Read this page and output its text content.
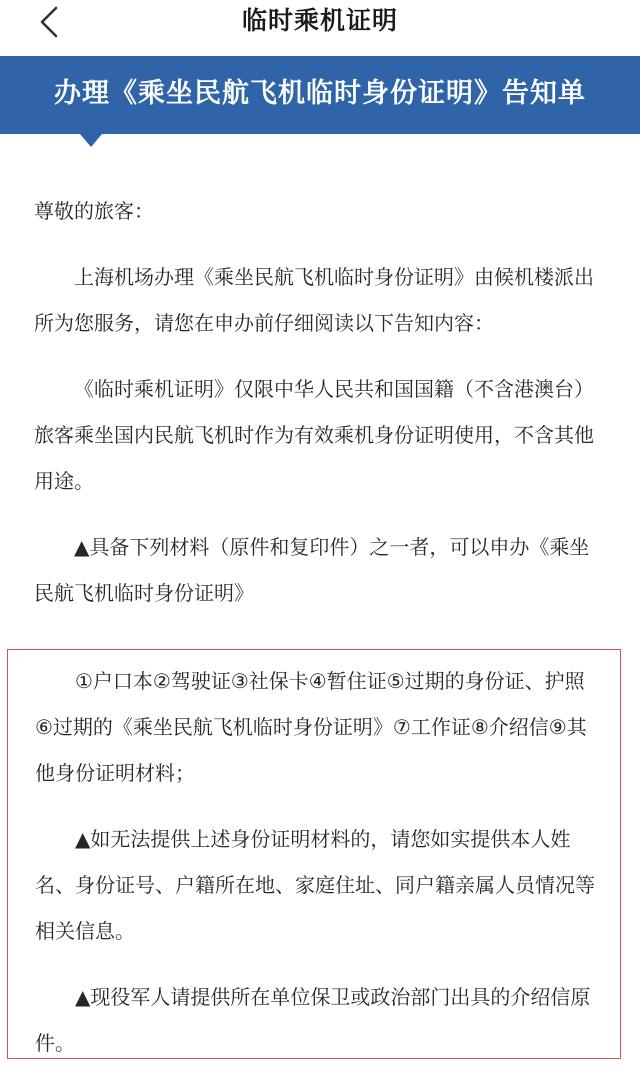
临时乘机证明
办理《乘坐民航飞机临时身份证明》告知单

尊敬的旅客：

上海机场办理《乘坐民航飞机临时身份证明》由候机楼派出所为您服务，请您在申办前仔细阅读以下告知内容：

《临时乘机证明》仅限中华人民共和国国籍（不含港澳台）旅客乘坐国内民航飞机时作为有效乘机身份证明使用，不含其他用途。

▲具备下列材料（原件和复印件）之一者，可以申办《乘坐民航飞机临时身份证明》

①户口本②驾驶证③社保卡④暂住证⑤过期的身份证、护照⑥过期的《乘坐民航飞机临时身份证明》⑦工作证⑧介绍信⑨其他身份证明材料；

▲如无法提供上述身份证明材料的，请您如实提供本人姓名、身份证号、户籍所在地、家庭住址、同户籍亲属人员情况等相关信息。

▲现役军人请提供所在单位保卫或政治部门出具的介绍信原件。
